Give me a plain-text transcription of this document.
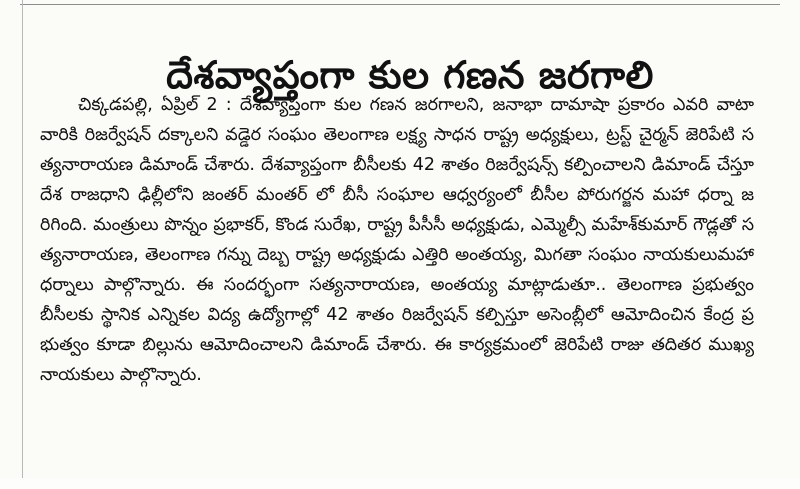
దేశవ్యాప్తంగా కుల గణన జరగాలి

చిక్కడపల్లి, ఏప్రిల్ 2 : దేశవ్యాప్తంగా కుల గణన జరగాలని, జనాభా దామాషా ప్రకారం ఎవరి వాటా వారికి రిజర్వేషన్ దక్కాలని వడ్డెర సంఘం తెలంగాణ లక్ష్య సాధన రాష్ట్ర అధ్యక్షులు, ట్రస్ట్ చైర్మన్ జెరిపేటి సత్యనారాయణ డిమాండ్ చేశారు. దేశవ్యాప్తంగా బీసీలకు 42 శాతం రిజర్వేషన్స్ కల్పించాలని డిమాండ్ చేస్తూ దేశ రాజధాని ఢిల్లీలోని జంతర్ మంతర్ లో బీసీ సంఘాల ఆధ్వర్యంలో బీసీల పోరుగర్జన మహా ధర్నా జరిగింది. మంత్రులు పొన్నం ప్రభాకర్, కొండ సురేఖ, రాష్ట్ర పీసీసీ అధ్యక్షుడు, ఎమ్మెల్సీ మహేశ్‌కుమార్ గౌడ్లతో సత్యనారాయణ, తెలంగాణ గన్ను దెబ్బ రాష్ట్ర అధ్యక్షుడు ఎత్తిరి అంతయ్య, మిగతా సంఘం నాయకులుమహా ధర్నాలు పాల్గొన్నారు. ఈ సందర్భంగా సత్యనారాయణ, అంతయ్య మాట్లాడుతూ.. తెలంగాణ ప్రభుత్వం బీసీలకు స్థానిక ఎన్నికల విద్య ఉద్యోగాల్లో 42 శాతం రిజర్వేషన్ కల్పిస్తూ అసెంబ్లీలో ఆమోదించిన కేంద్ర ప్రభుత్వం కూడా బిల్లును ఆమోదించాలని డిమాండ్ చేశారు. ఈ కార్యక్రమంలో జెరిపేటి రాజు తదితర ముఖ్య నాయకులు పాల్గొన్నారు.
